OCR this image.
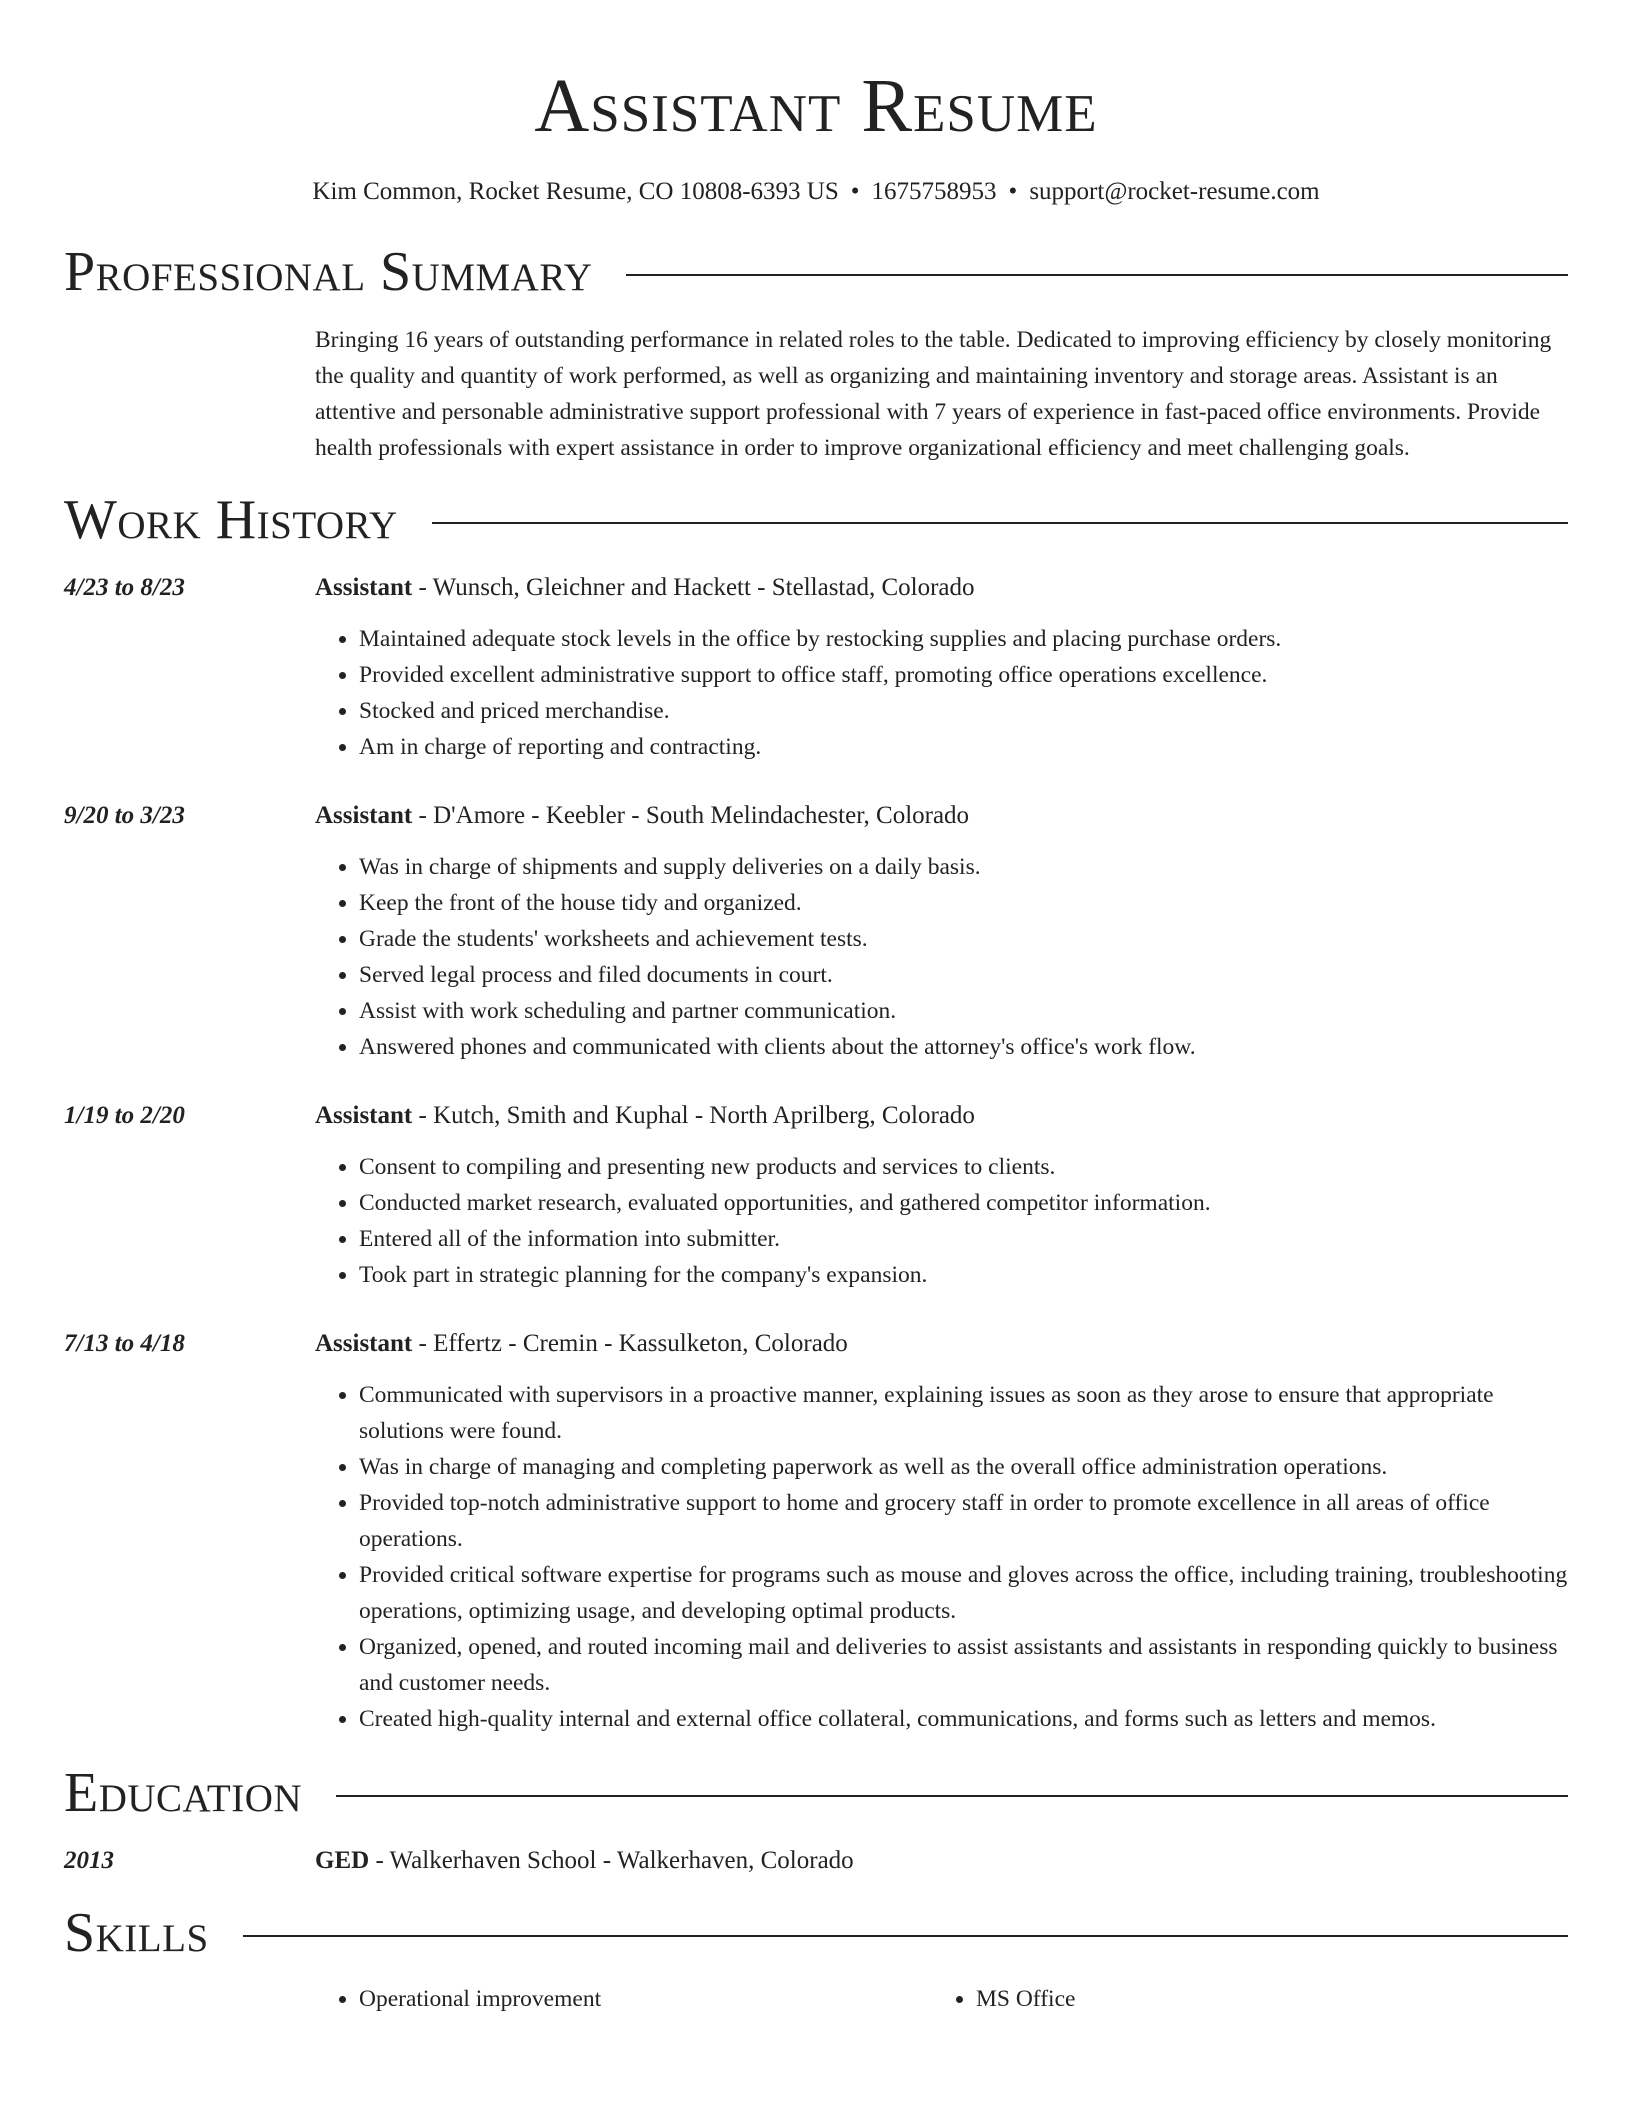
Assistant Resume
Kim Common, Rocket Resume, CO 10808-6393 US • 1675758953 • support@rocket-resume.com
Professional Summary
Bringing 16 years of outstanding performance in related roles to the table. Dedicated to improving efficiency by closely monitoring the quality and quantity of work performed, as well as organizing and maintaining inventory and storage areas. Assistant is an attentive and personable administrative support professional with 7 years of experience in fast-paced office environments. Provide health professionals with expert assistance in order to improve organizational efficiency and meet challenging goals.
Work History
4/23 to 8/23	Assistant - Wunsch, Gleichner and Hackett - Stellastad, Colorado
• Maintained adequate stock levels in the office by restocking supplies and placing purchase orders.
• Provided excellent administrative support to office staff, promoting office operations excellence.
• Stocked and priced merchandise.
• Am in charge of reporting and contracting.
9/20 to 3/23	Assistant - D'Amore - Keebler - South Melindachester, Colorado
• Was in charge of shipments and supply deliveries on a daily basis.
• Keep the front of the house tidy and organized.
• Grade the students' worksheets and achievement tests.
• Served legal process and filed documents in court.
• Assist with work scheduling and partner communication.
• Answered phones and communicated with clients about the attorney's office's work flow.
1/19 to 2/20	Assistant - Kutch, Smith and Kuphal - North Aprilberg, Colorado
• Consent to compiling and presenting new products and services to clients.
• Conducted market research, evaluated opportunities, and gathered competitor information.
• Entered all of the information into submitter.
• Took part in strategic planning for the company's expansion.
7/13 to 4/18	Assistant - Effertz - Cremin - Kassulketon, Colorado
• Communicated with supervisors in a proactive manner, explaining issues as soon as they arose to ensure that appropriate solutions were found.
• Was in charge of managing and completing paperwork as well as the overall office administration operations.
• Provided top-notch administrative support to home and grocery staff in order to promote excellence in all areas of office operations.
• Provided critical software expertise for programs such as mouse and gloves across the office, including training, troubleshooting operations, optimizing usage, and developing optimal products.
• Organized, opened, and routed incoming mail and deliveries to assist assistants and assistants in responding quickly to business and customer needs.
• Created high-quality internal and external office collateral, communications, and forms such as letters and memos.
Education
2013	GED - Walkerhaven School - Walkerhaven, Colorado
Skills
• Operational improvement
•	MS Office
